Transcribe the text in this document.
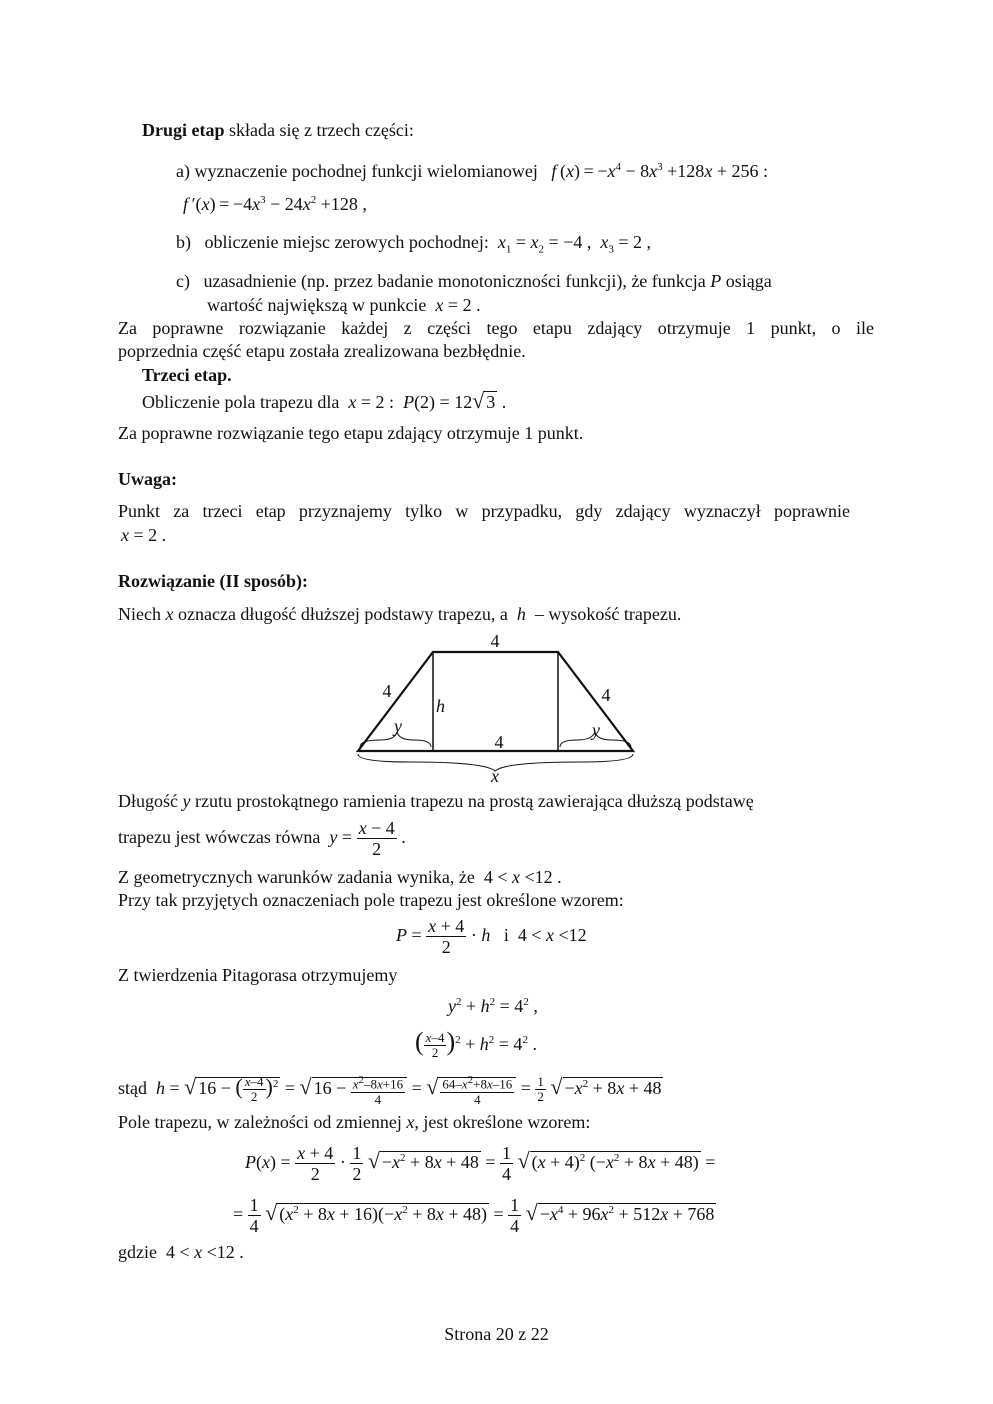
Drugi etap składa się z trzech części:
a) wyznaczenie pochodnej funkcji wielomianowej f $(x) = -x^4 - 8x^3 +128x + 256$ :
f $'(x) = -4x^3 - 24x^2 +128$ ,
b) obliczenie miejsc zerowych pochodnej: $x_1 = x_2 = -4$ ,  $x_3 = 2$ ,
c) uzasadnienie (np. przez badanie monotoniczności funkcji), że funkcja P osiąga
wartość największą w punkcie x = 2 .
Za poprawne rozwiązanie każdej z części tego etapu zdający otrzymuje 1 punkt, o ile
poprzednia część etapu została zrealizowana bezbłędnie.
Trzeci etap.
Obliczenie pola trapezu dla x = 2 :  P(2) = 12√ 3 .
Za poprawne rozwiązanie tego etapu zdający otrzymuje 1 punkt.
Uwaga:
Punkt za trzeci etap przyznajemy tylko w przypadku, gdy zdający wyznaczył poprawnie
x = 2 .
Rozwiązanie (II sposób):
Niech x oznacza długość dłuższej podstawy trapezu, a  h  – wysokość trapezu.
4
4	4
h
y	y
4
x
Długość y rzutu prostokątnego ramienia trapezu na prostą zawierająca dłuższą podstawę
trapezu jest wówczas równa $y = \frac{x - 4}{2}$ .
Z geometrycznych warunków zadania wynika, że  4 < x <12 .
Przy tak przyjętych oznaczeniach pole trapezu jest określone wzorem:
$P = \frac{x + 4}{2} \cdot h$   i  4 < x <12
Z twierdzenia Pitagorasa otrzymujemy
$y^2 + h^2 = 4^2$ ,
( $\frac{x-4}{2} )^2 + h^2 = 4^2$ .
stąd h = √ 16 − ( $\frac{x-4}{2} )^2$ = √ $16 - \frac{x^2-8x+16}{4}$ = √ $\frac{64-x^2+8x-16}{4} = \frac{1}{2}$ √ $-x^2 + 8x + 48$
Pole trapezu, w zależności od zmiennej x, jest określone wzorem:
$P(x) = \frac{x + 4}{2} \cdot \frac{1}{2}$ √ $-x^2 + 8x + 48 = \frac{1}{4}$ √ $(x + 4)^2$ $(-x^2 + 8x + 48)$ =
= $\frac{1}{4}$ √ $(x^2 + 8x + 16)(-x^2 + 8x + 48) = \frac{1}{4}$ √ $-x^4 + 96x^2 + 512x + 768$
gdzie  4 < x <12 .
Strona 20 z 22
